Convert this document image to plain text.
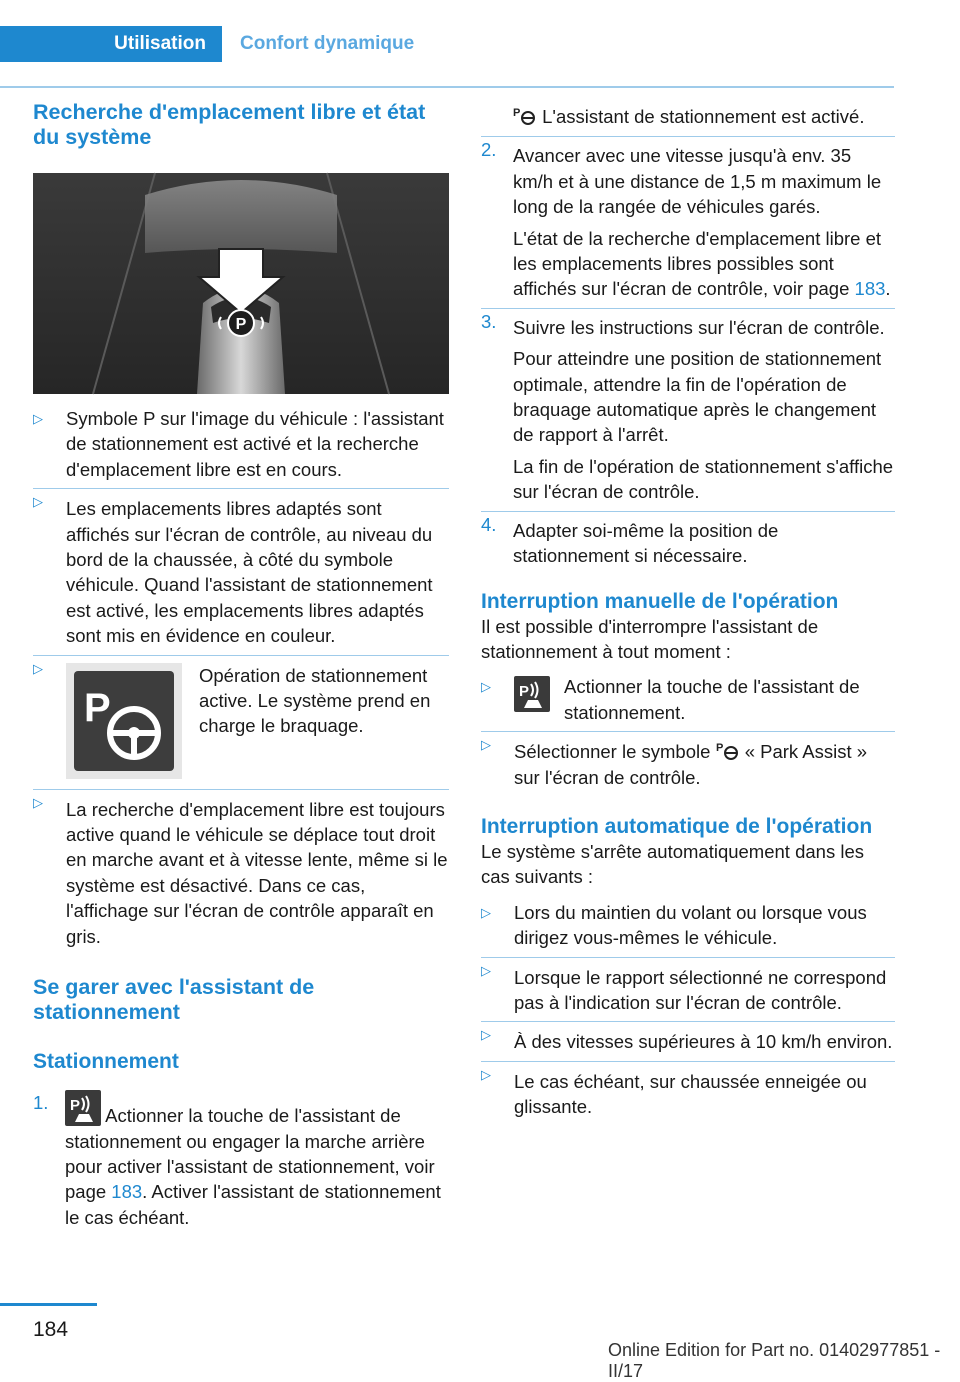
Utilisation	Confort dynamique
Recherche d'emplacement libre et état du système
P
▷ Symbole P sur l'image du véhicule : l'assistant de stationnement est activé et la recherche d'emplacement libre est en cours.
▷ Les emplacements libres adaptés sont affichés sur l'écran de contrôle, au niveau du bord de la chaussée, à côté du symbole véhicule. Quand l'assistant de stationnement est activé, les emplacements libres adaptés sont mis en évidence en couleur.
▷ P
Opération de stationnement active. Le système prend en charge le braquage.
▷ La recherche d'emplacement libre est toujours active quand le véhicule se déplace tout droit en marche avant et à vitesse lente, même si le système est désactivé. Dans ce cas, l'affichage sur l'écran de contrôle apparaît en gris.
Se garer avec l'assistant de stationnement
Stationnement
1. P Actionner la touche de l'assistant de stationnement ou engager la marche arrière pour activer l'assistant de stationnement, voir page 183. Activer l'assistant de stationnement le cas échéant.

P L'assistant de stationnement est activé.

2. Avancer avec une vitesse jusqu'à env. 35 km/h et à une distance de 1,5 m maximum le long de la rangée de véhicules garés.

L'état de la recherche d'emplacement libre et les emplacements libres possibles sont affichés sur l'écran de contrôle, voir page 183.

3. Suivre les instructions sur l'écran de contrôle.

Pour atteindre une position de stationnement optimale, attendre la fin de l'opération de braquage automatique après le changement de rapport à l'arrêt.

La fin de l'opération de stationnement s'affiche sur l'écran de contrôle.

4. Adapter soi-même la position de stationnement si nécessaire.

Interruption manuelle de l'opération

Il est possible d'interrompre l'assistant de stationnement à tout moment :

▷ P Actionner la touche de l'assistant de stationnement.
▷ Sélectionner le symbole P « Park Assist » sur l'écran de contrôle.
Interruption automatique de l'opération

Le système s'arrête automatiquement dans les cas suivants :

▷ Lors du maintien du volant ou lorsque vous dirigez vous-mêmes le véhicule.
▷ Lorsque le rapport sélectionné ne correspond pas à l'indication sur l'écran de contrôle.
▷ À des vitesses supérieures à 10 km/h environ.
▷ Le cas échéant, sur chaussée enneigée ou glissante.
184
Online Edition for Part no. 01402977851 - II/17
